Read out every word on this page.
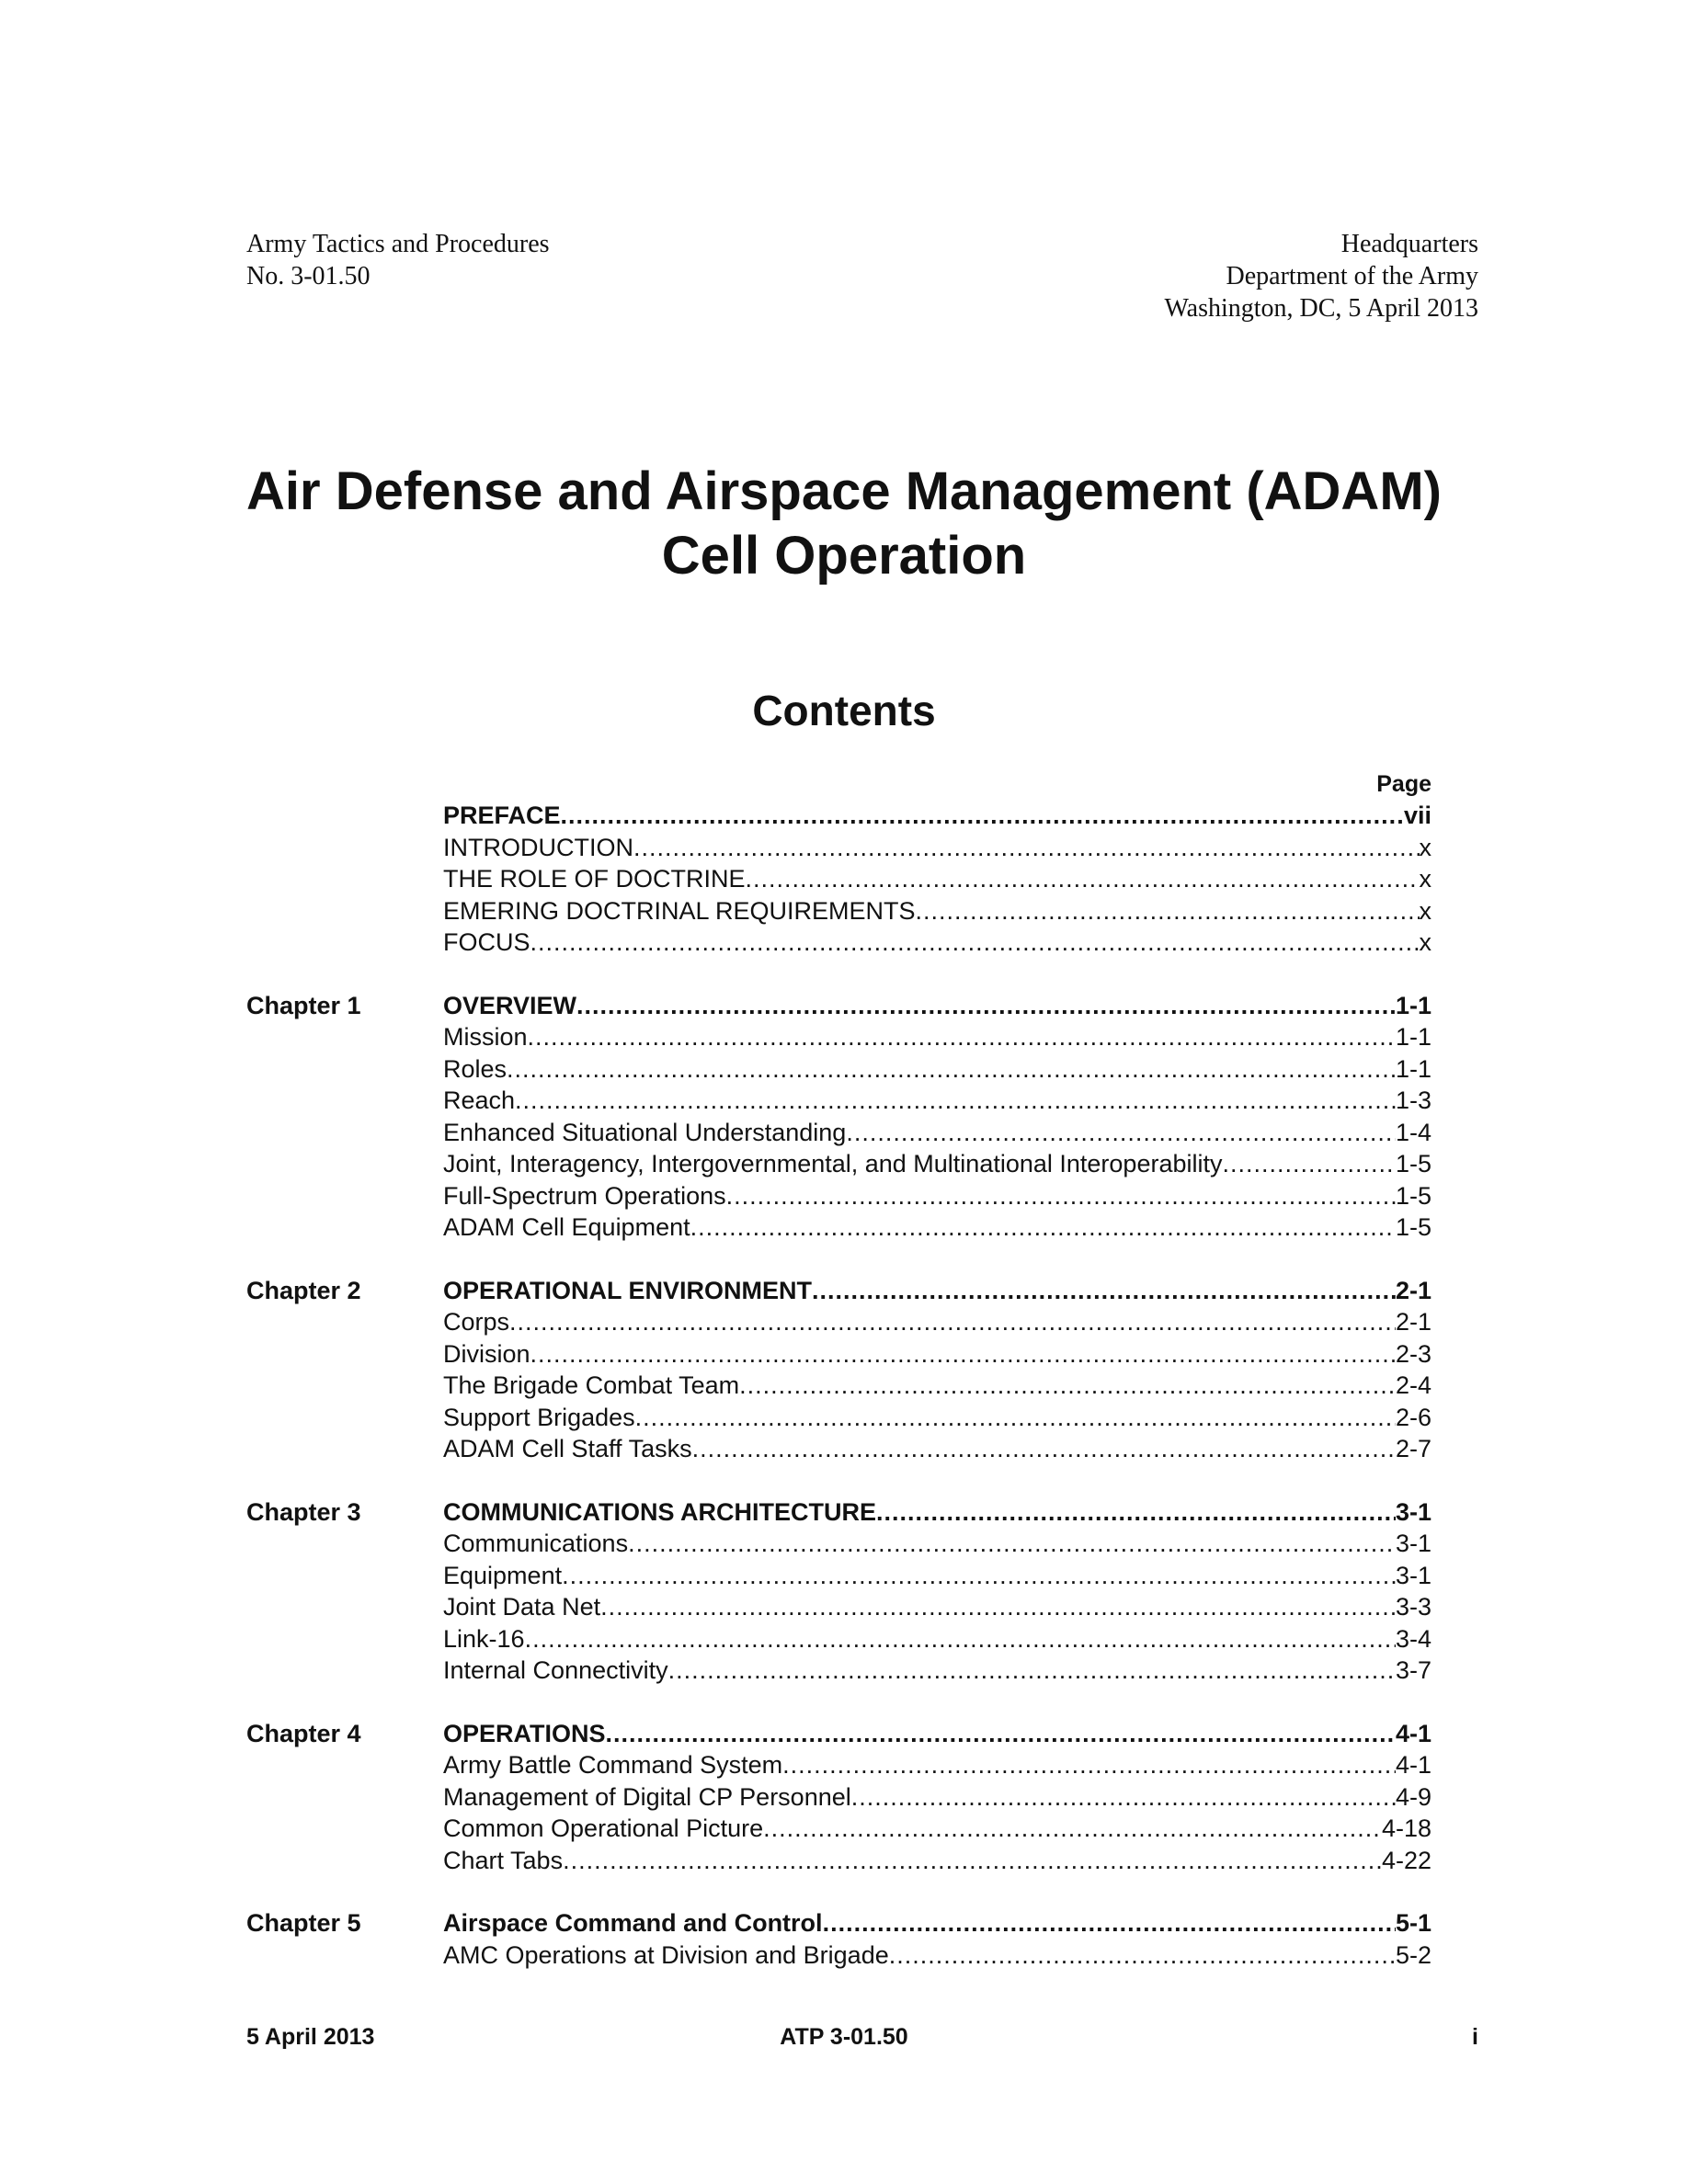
Army Tactics and Procedures
No. 3-01.50
Headquarters
Department of the Army
Washington, DC, 5 April 2013
Air Defense and Airspace Management (ADAM)
Cell Operation
Contents
Page
PREFACE .....	vii
INTRODUCTION .....	x
THE ROLE OF DOCTRINE .....	x
EMERING DOCTRINAL REQUIREMENTS .....	x
FOCUS .....	x
Chapter 1	OVERVIEW .....	1-1
Mission .....	1-1
Roles .....	1-1
Reach .....	1-3
Enhanced Situational Understanding .....	1-4
Joint, Interagency, Intergovernmental, and Multinational Interoperability .....	1-5
Full-Spectrum Operations .....	1-5
ADAM Cell Equipment .....	1-5
Chapter 2	OPERATIONAL ENVIRONMENT .....	2-1
Corps .....	2-1
Division .....	2-3
The Brigade Combat Team .....	2-4
Support Brigades .....	2-6
ADAM Cell Staff Tasks .....	2-7
Chapter 3	COMMUNICATIONS ARCHITECTURE .....	3-1
Communications .....	3-1
Equipment .....	3-1
Joint Data Net .....	3-3
Link-16 .....	3-4
Internal Connectivity .....	3-7
Chapter 4	OPERATIONS .....	4-1
Army Battle Command System .....	4-1
Management of Digital CP Personnel .....	4-9
Common Operational Picture .....	4-18
Chart Tabs .....	4-22
Chapter 5	Airspace Command and Control .....	5-1
AMC Operations at Division and Brigade .....	5-2
5 April 2013	ATP 3-01.50	i
